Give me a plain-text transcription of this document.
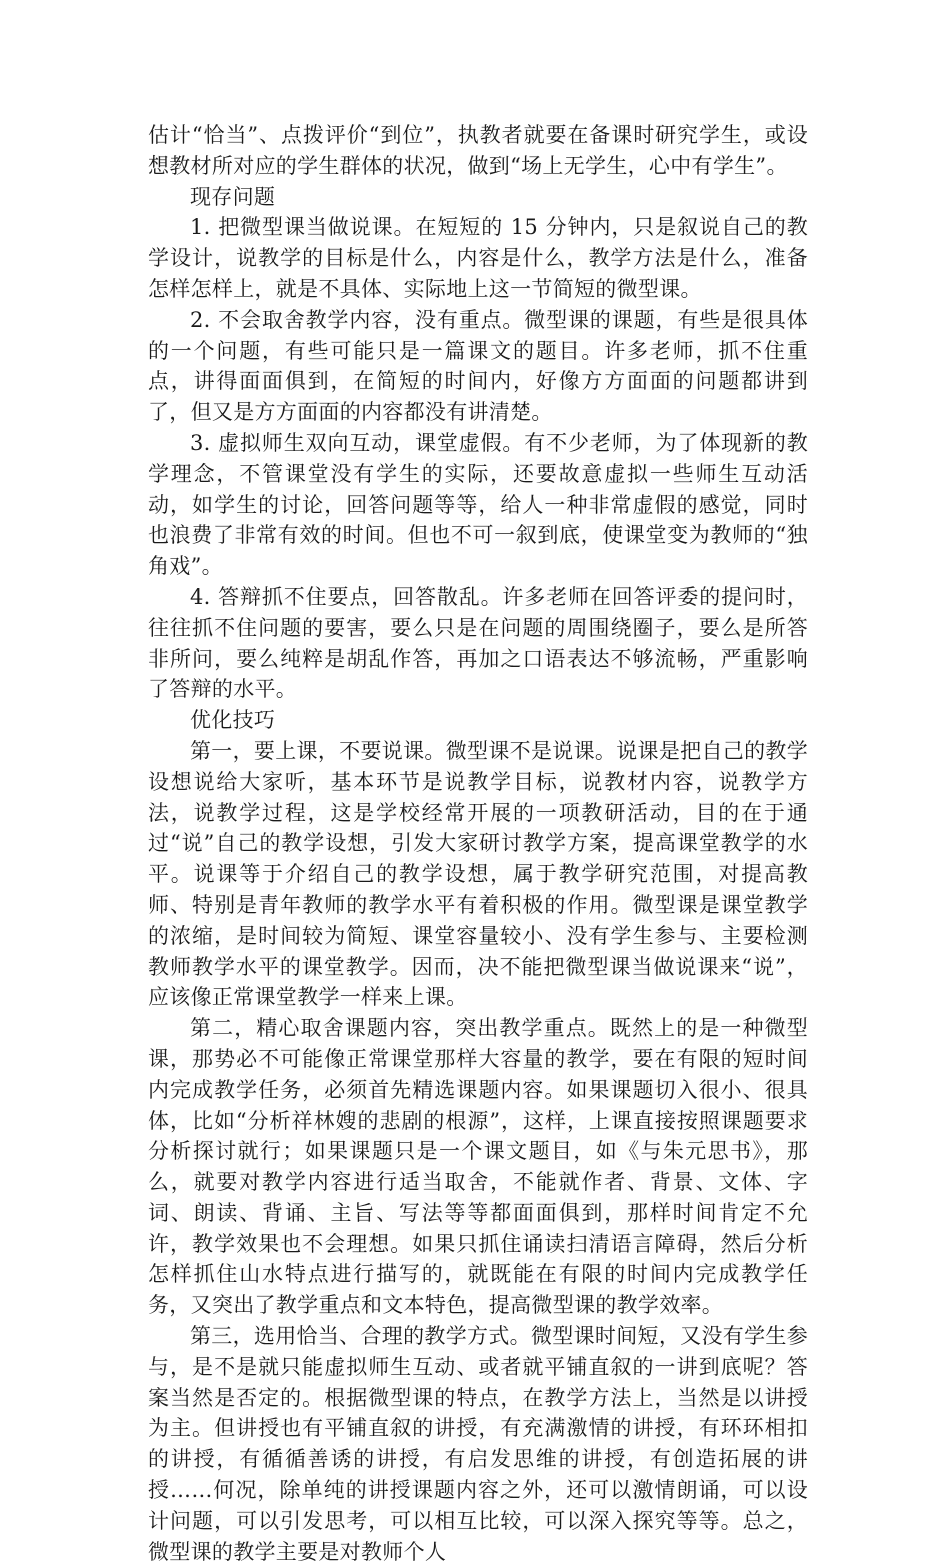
估计“恰当”、点拨评价“到位”，执教者就要在备课时研究学生，或设想教材所对应的学生群体的状况，做到“场上无学生，心中有学生”。

现存问题

1. 把微型课当做说课。在短短的 15 分钟内，只是叙说自己的教学设计，说教学的目标是什么，内容是什么，教学方法是什么，准备怎样怎样上，就是不具体、实际地上这一节简短的微型课。

2. 不会取舍教学内容，没有重点。微型课的课题，有些是很具体的一个问题，有些可能只是一篇课文的题目。许多老师，抓不住重点，讲得面面俱到，在简短的时间内，好像方方面面的问题都讲到了，但又是方方面面的内容都没有讲清楚。

3. 虚拟师生双向互动，课堂虚假。有不少老师，为了体现新的教学理念，不管课堂没有学生的实际，还要故意虚拟一些师生互动活动，如学生的讨论，回答问题等等，给人一种非常虚假的感觉，同时也浪费了非常有效的时间。但也不可一叙到底，使课堂变为教师的“独角戏”。

4. 答辩抓不住要点，回答散乱。许多老师在回答评委的提问时，往往抓不住问题的要害，要么只是在问题的周围绕圈子，要么是所答非所问，要么纯粹是胡乱作答，再加之口语表达不够流畅，严重影响了答辩的水平。

优化技巧

第一，要上课，不要说课。微型课不是说课。说课是把自己的教学设想说给大家听，基本环节是说教学目标，说教材内容，说教学方法，说教学过程，这是学校经常开展的一项教研活动，目的在于通过“说”自己的教学设想，引发大家研讨教学方案，提高课堂教学的水平。说课等于介绍自己的教学设想，属于教学研究范围，对提高教师、特别是青年教师的教学水平有着积极的作用。微型课是课堂教学的浓缩，是时间较为简短、课堂容量较小、没有学生参与、主要检测教师教学水平的课堂教学。因而，决不能把微型课当做说课来“说”，应该像正常课堂教学一样来上课。

第二，精心取舍课题内容，突出教学重点。既然上的是一种微型课，那势必不可能像正常课堂那样大容量的教学，要在有限的短时间内完成教学任务，必须首先精选课题内容。如果课题切入很小、很具体，比如“分析祥林嫂的悲剧的根源”，这样，上课直接按照课题要求分析探讨就行；如果课题只是一个课文题目，如《与朱元思书》，那么，就要对教学内容进行适当取舍，不能就作者、背景、文体、字词、朗读、背诵、主旨、写法等等都面面俱到，那样时间肯定不允许，教学效果也不会理想。如果只抓住诵读扫清语言障碍，然后分析怎样抓住山水特点进行描写的，就既能在有限的时间内完成教学任务，又突出了教学重点和文本特色，提高微型课的教学效率。

第三，选用恰当、合理的教学方式。微型课时间短，又没有学生参与，是不是就只能虚拟师生互动、或者就平铺直叙的一讲到底呢？答案当然是否定的。根据微型课的特点，在教学方法上，当然是以讲授为主。但讲授也有平铺直叙的讲授，有充满激情的讲授，有环环相扣的讲授，有循循善诱的讲授，有启发思维的讲授，有创造拓展的讲授……何况，除单纯的讲授课题内容之外，还可以激情朗诵，可以设计问题，可以引发思考，可以相互比较，可以深入探究等等。总之，微型课的教学主要是对教师个人
